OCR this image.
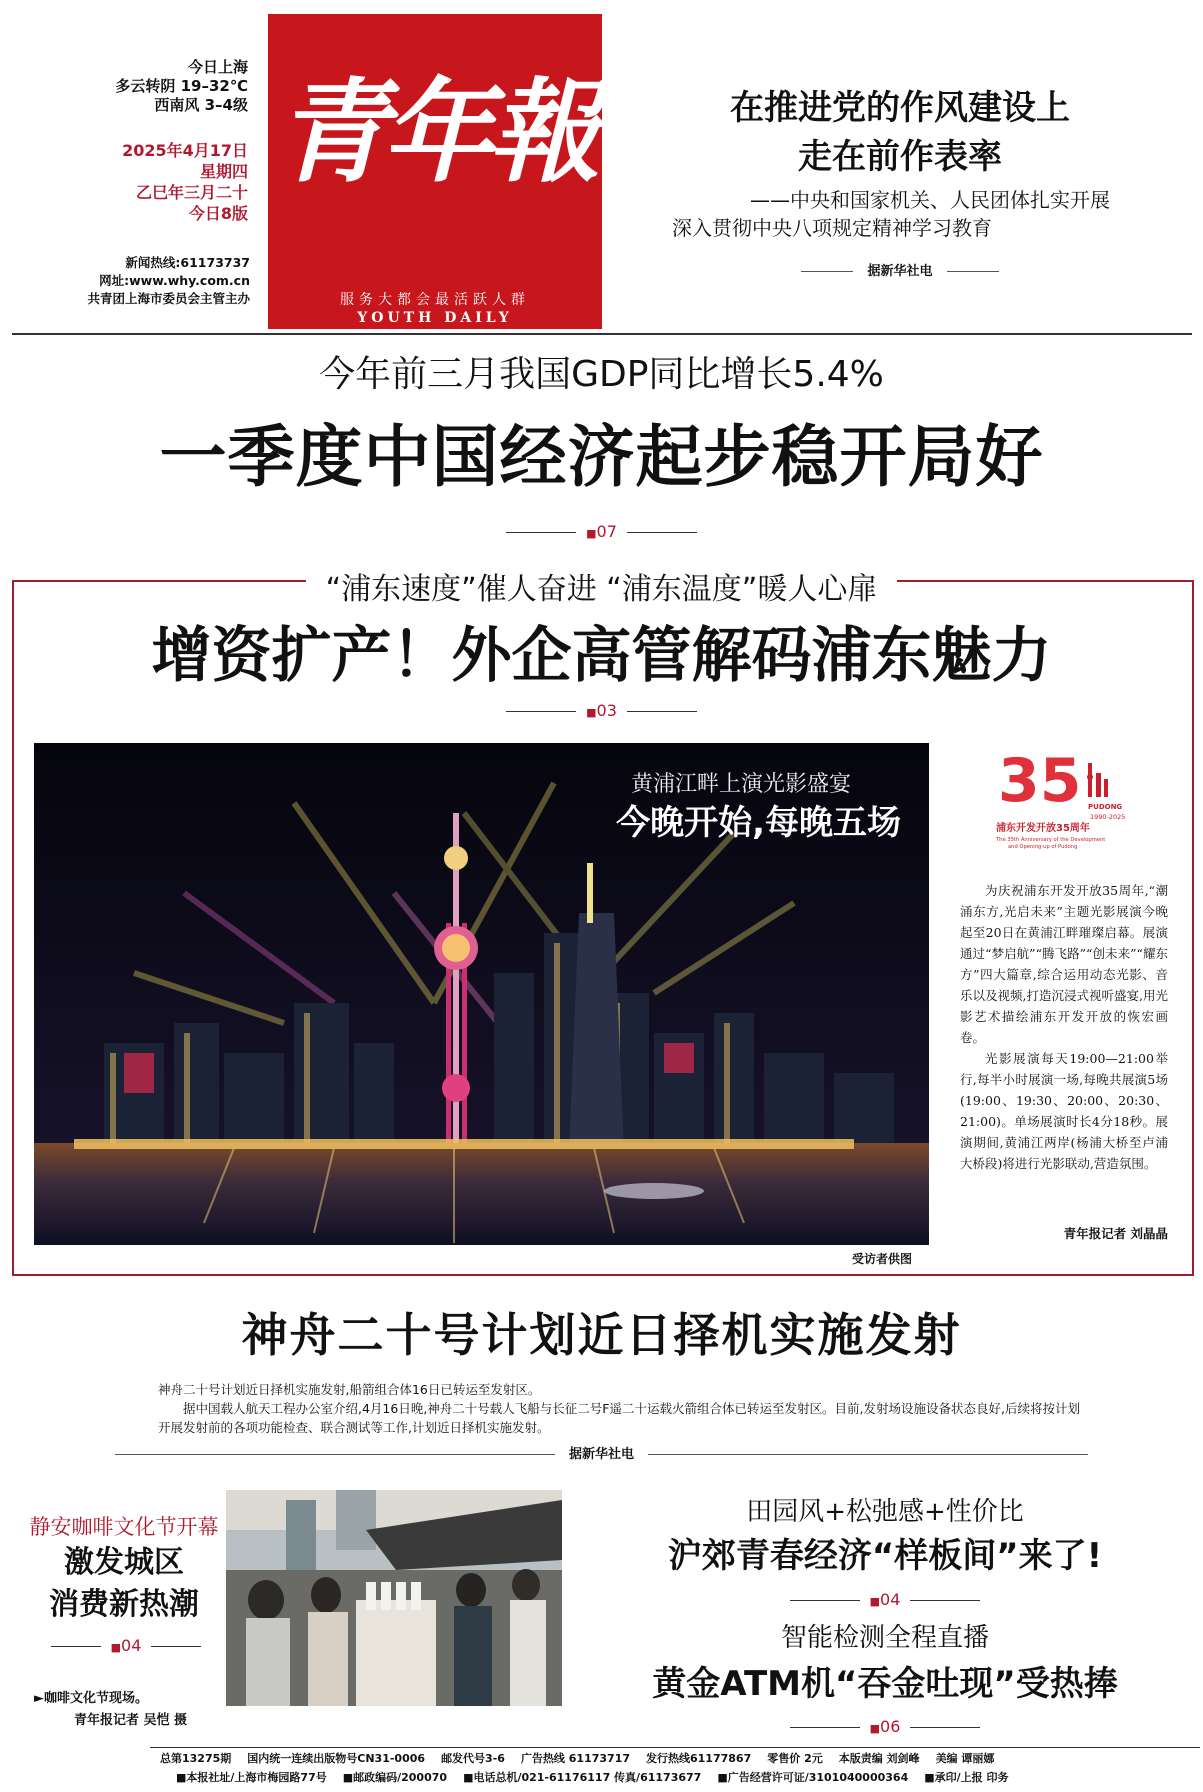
今日上海
多云转阴 19–32℃
西南风 3–4级
2025年4月17日
星期四
乙巳年三月二十
今日8版
新闻热线:61173737
网址:www.why.com.cn
共青团上海市委员会主管主办
青年報
服务大都会最活跃人群
YOUTH DAILY
在推进党的作风建设上
走在前作表率
——中央和国家机关、人民团体扎实开展
深入贯彻中央八项规定精神学习教育
据新华社电
今年前三月我国GDP同比增长5.4%
一季度中国经济起步稳开局好
■07
“浦东速度”催人奋进 “浦东温度”暖人心扉
增资扩产！外企高管解码浦东魅力
■03
黄浦江畔上演光影盛宴
今晚开始,每晚五场
受访者供图
35 PUDONG
1990-2025
浦东开发开放35周年
The 35th Anniversary of the Development
and Opening-up of Pudong

为庆祝浦东开发开放35周年,“潮涌东方,光启未来”主题光影展演今晚起至20日在黄浦江畔璀璨启幕。展演通过“梦启航”“腾飞路”“创未来”“耀东方”四大篇章,综合运用动态光影、音乐以及视频,打造沉浸式视听盛宴,用光影艺术描绘浦东开发开放的恢宏画卷。

光影展演每天19:00—21:00举行,每半小时展演一场,每晚共展演5场(19:00、19:30、20:00、20:30、21:00)。单场展演时长4分18秒。展演期间,黄浦江两岸(杨浦大桥至卢浦大桥段)将进行光影联动,营造氛围。

青年报记者 刘晶晶
神舟二十号计划近日择机实施发射

神舟二十号计划近日择机实施发射,船箭组合体16日已转运至发射区。

据中国载人航天工程办公室介绍,4月16日晚,神舟二十号载人飞船与长征二号F遥二十运载火箭组合体已转运至发射区。目前,发射场设施设备状态良好,后续将按计划开展发射前的各项功能检查、联合测试等工作,计划近日择机实施发射。

据新华社电
静安咖啡文化节开幕
激发城区
消费新热潮
■04
►咖啡文化节现场。
青年报记者 吴恺 摄
田园风+松弛感+性价比
沪郊青春经济“样板间”来了!
■04
智能检测全程直播
黄金ATM机“吞金吐现”受热捧
■06
总第13275期 国内统一连续出版物号CN31-0006 邮发代号3-6 广告热线 61173717 发行热线61177867 零售价 2元 本版责编 刘剑峰 美编 谭丽娜
■本报社址/上海市梅园路77号 ■邮政编码/200070 ■电话总机/021-61176117 传真/61173677 ■广告经营许可证/3101040000364 ■承印/上报 印务
